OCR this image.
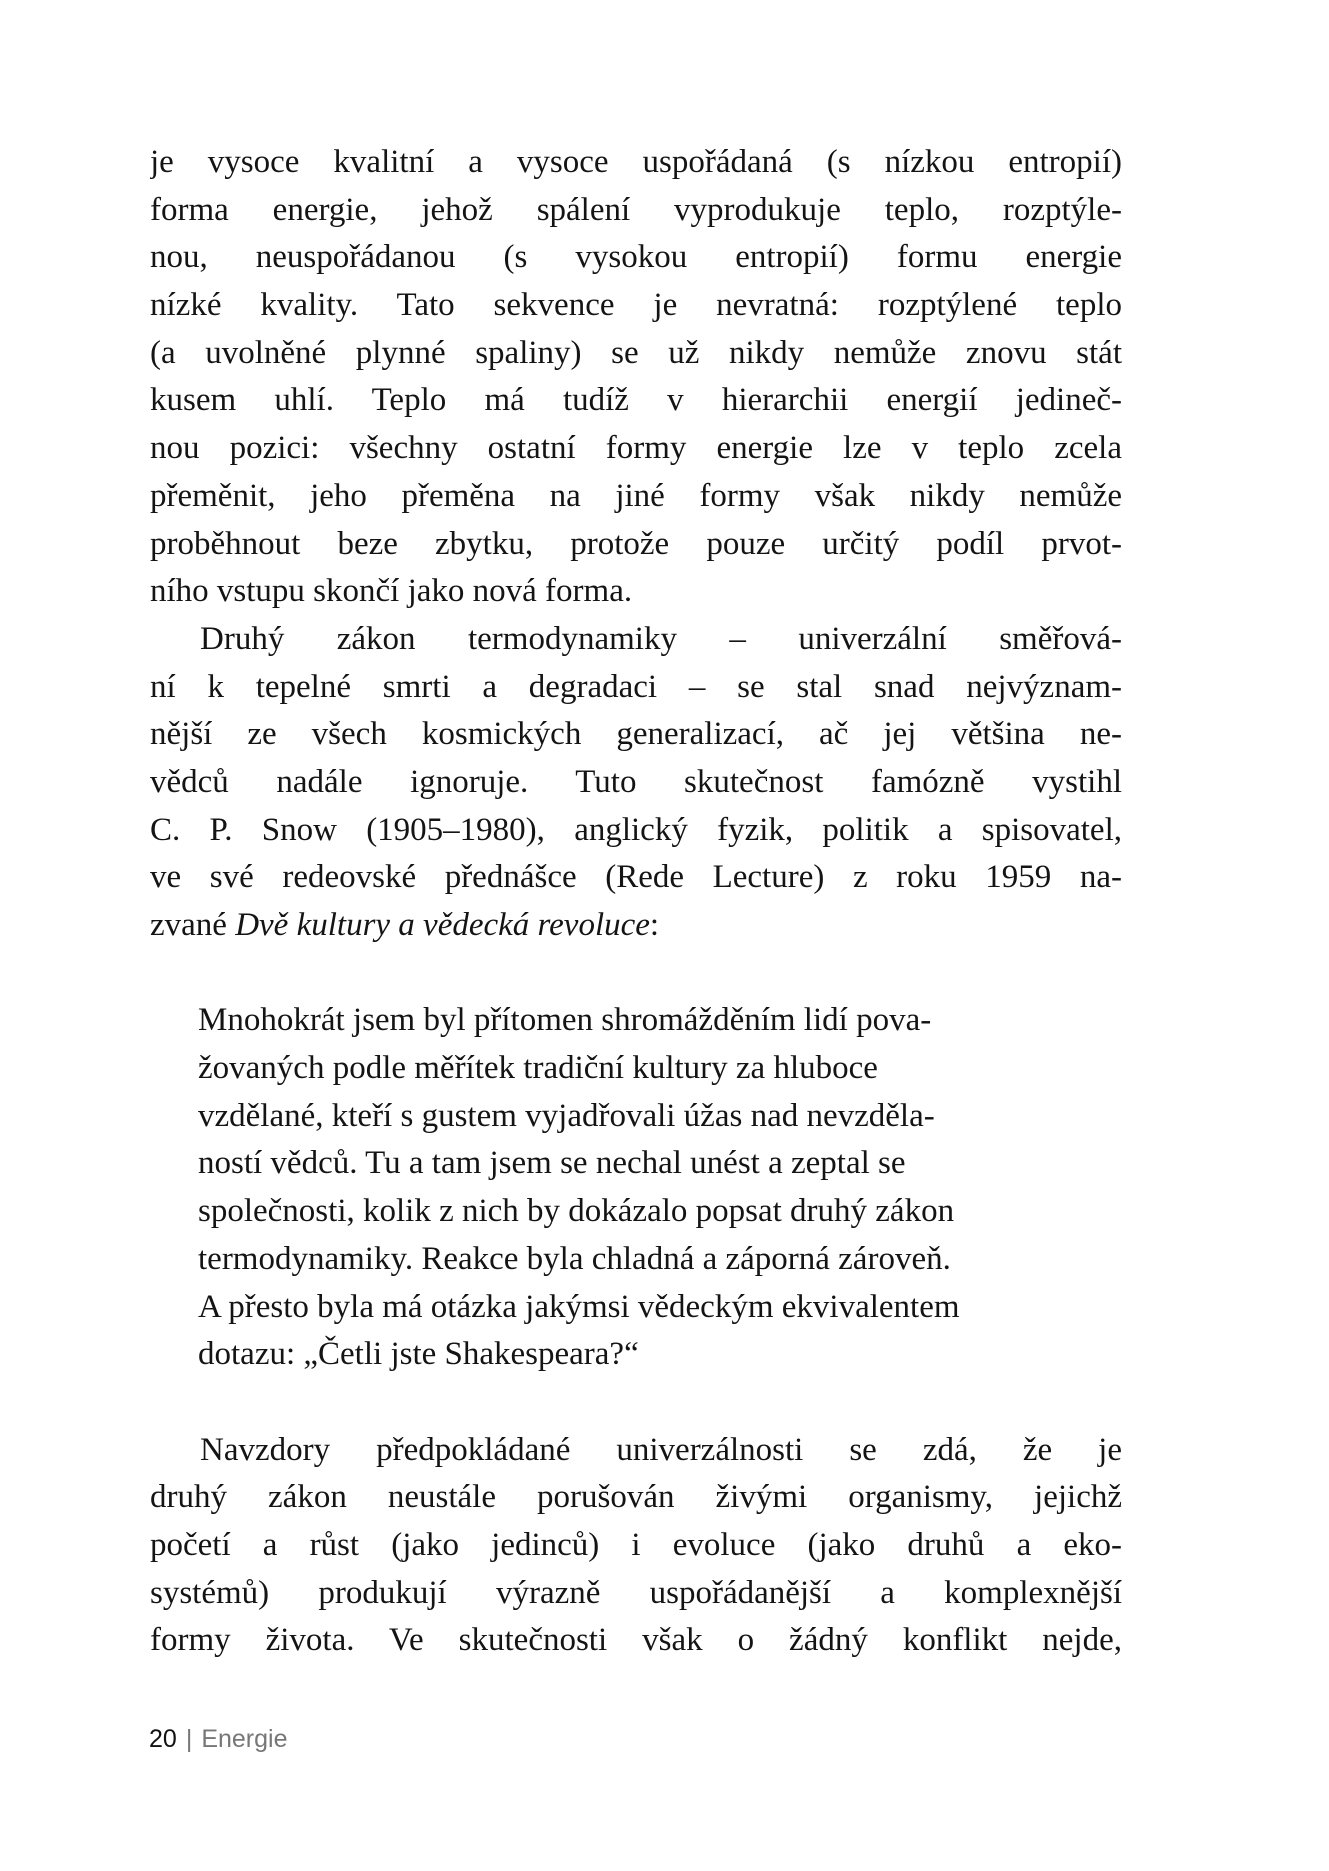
je vysoce kvalitní a vysoce uspořádaná (s nízkou entropií)
forma energie, jehož spálení vyprodukuje teplo, rozptýle-
nou, neuspořádanou (s vysokou entropií) formu energie
nízké kvality. Tato sekvence je nevratná: rozptýlené teplo
(a uvolněné plynné spaliny) se už nikdy nemůže znovu stát
kusem uhlí. Teplo má tudíž v hierarchii energií jedineč-
nou pozici: všechny ostatní formy energie lze v teplo zcela
přeměnit, jeho přeměna na jiné formy však nikdy nemůže
proběhnout beze zbytku, protože pouze určitý podíl prvot-
ního vstupu skončí jako nová forma.
Druhý zákon termodynamiky – univerzální směřová-
ní k tepelné smrti a degradaci – se stal snad nejvýznam-
nější ze všech kosmických generalizací, ač jej většina ne-
vědců nadále ignoruje. Tuto skutečnost famózně vystihl
C. P. Snow (1905–1980), anglický fyzik, politik a spisovatel,
ve své redeovské přednášce (Rede Lecture) z roku 1959 na-
zvané Dvě kultury a vědecká revoluce:
Mnohokrát jsem byl přítomen shromážděním lidí pova-
žovaných podle měřítek tradiční kultury za hluboce
vzdělané, kteří s gustem vyjadřovali úžas nad nevzděla-
ností vědců. Tu a tam jsem se nechal unést a zeptal se
společnosti, kolik z nich by dokázalo popsat druhý zákon
termodynamiky. Reakce byla chladná a záporná zároveň.
A přesto byla má otázka jakýmsi vědeckým ekvivalentem
dotazu: „Četli jste Shakespeara?“
Navzdory předpokládané univerzálnosti se zdá, že je
druhý zákon neustále porušován živými organismy, jejichž
početí a růst (jako jedinců) i evoluce (jako druhů a eko-
systémů) produkují výrazně uspořádanější a komplexnější
formy života. Ve skutečnosti však o žádný konflikt nejde,
20 | Energie
